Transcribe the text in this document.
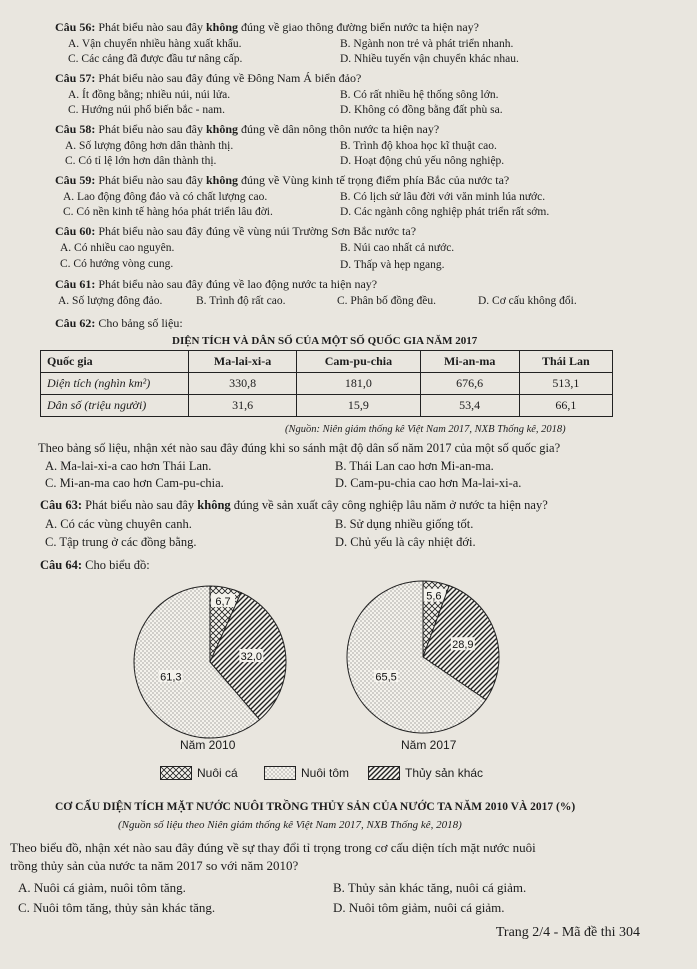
Câu 56: Phát biểu nào sau đây không đúng về giao thông đường biển nước ta hiện nay?
A. Vận chuyển nhiều hàng xuất khẩu.	B. Ngành non trẻ và phát triển nhanh.
C. Các cảng đã được đầu tư nâng cấp.	D. Nhiều tuyến vận chuyển khác nhau.
Câu 57: Phát biểu nào sau đây đúng về Đông Nam Á biển đảo?
A. Ít đồng bằng; nhiều núi, núi lửa.	B. Có rất nhiều hệ thống sông lớn.
C. Hướng núi phổ biến bắc - nam.	D. Không có đồng bằng đất phù sa.
Câu 58: Phát biểu nào sau đây không đúng về dân nông thôn nước ta hiện nay?
A. Số lượng đông hơn dân thành thị.	B. Trình độ khoa học kĩ thuật cao.
C. Có tỉ lệ lớn hơn dân thành thị.	D. Hoạt động chủ yếu nông nghiệp.
Câu 59: Phát biểu nào sau đây không đúng về Vùng kinh tế trọng điểm phía Bắc của nước ta?
A. Lao động đông đảo và có chất lượng cao.	B. Có lịch sử lâu đời với văn minh lúa nước.
C. Có nền kinh tế hàng hóa phát triển lâu đời.	D. Các ngành công nghiệp phát triển rất sớm.
Câu 60: Phát biểu nào sau đây đúng về vùng núi Trường Sơn Bắc nước ta?
A. Có nhiều cao nguyên.	B. Núi cao nhất cả nước.
C. Có hướng vòng cung.	D. Thấp và hẹp ngang.
Câu 61: Phát biểu nào sau đây đúng về lao động nước ta hiện nay?
A. Số lượng đông đảo.	B. Trình độ rất cao.	C. Phân bố đồng đều.	D. Cơ cấu không đổi.
Câu 62: Cho bảng số liệu:
DIỆN TÍCH VÀ DÂN SỐ CỦA MỘT SỐ QUỐC GIA NĂM 2017
Quốc gia	Ma-lai-xi-a	Cam-pu-chia	Mi-an-ma	Thái Lan
Diện tích (nghìn km²)	330,8	181,0	676,6	513,1
Dân số (triệu người)	31,6	15,9	53,4	66,1
(Nguồn: Niên giám thống kê Việt Nam 2017, NXB Thống kê, 2018)
Theo bảng số liệu, nhận xét nào sau đây đúng khi so sánh mật độ dân số năm 2017 của một số quốc gia?
A. Ma-lai-xi-a cao hơn Thái Lan.	B. Thái Lan cao hơn Mi-an-ma.
C. Mi-an-ma cao hơn Cam-pu-chia.	D. Cam-pu-chia cao hơn Ma-lai-xi-a.
Câu 63: Phát biểu nào sau đây không đúng về sản xuất cây công nghiệp lâu năm ở nước ta hiện nay?
A. Có các vùng chuyên canh.	B. Sử dụng nhiều giống tốt.
C. Tập trung ở các đồng bằng.	D. Chủ yếu là cây nhiệt đới.
Câu 64: Cho biểu đồ:
6,7
32,0
61,3
5,6
28,9
65,5
Năm 2010	Năm 2017
Nuôi cá	Nuôi tôm	Thủy sản khác
CƠ CẤU DIỆN TÍCH MẶT NƯỚC NUÔI TRỒNG THỦY SẢN CỦA NƯỚC TA NĂM 2010 VÀ 2017 (%)
(Nguồn số liệu theo Niên giám thống kê Việt Nam 2017, NXB Thống kê, 2018)
Theo biểu đồ, nhận xét nào sau đây đúng về sự thay đổi tỉ trọng trong cơ cấu diện tích mặt nước nuôi
trồng thủy sản của nước ta năm 2017 so với năm 2010?
A. Nuôi cá giảm, nuôi tôm tăng.	B. Thủy sản khác tăng, nuôi cá giảm.
C. Nuôi tôm tăng, thủy sản khác tăng.	D. Nuôi tôm giảm, nuôi cá giảm.
Trang 2/4 - Mã đề thi 304
